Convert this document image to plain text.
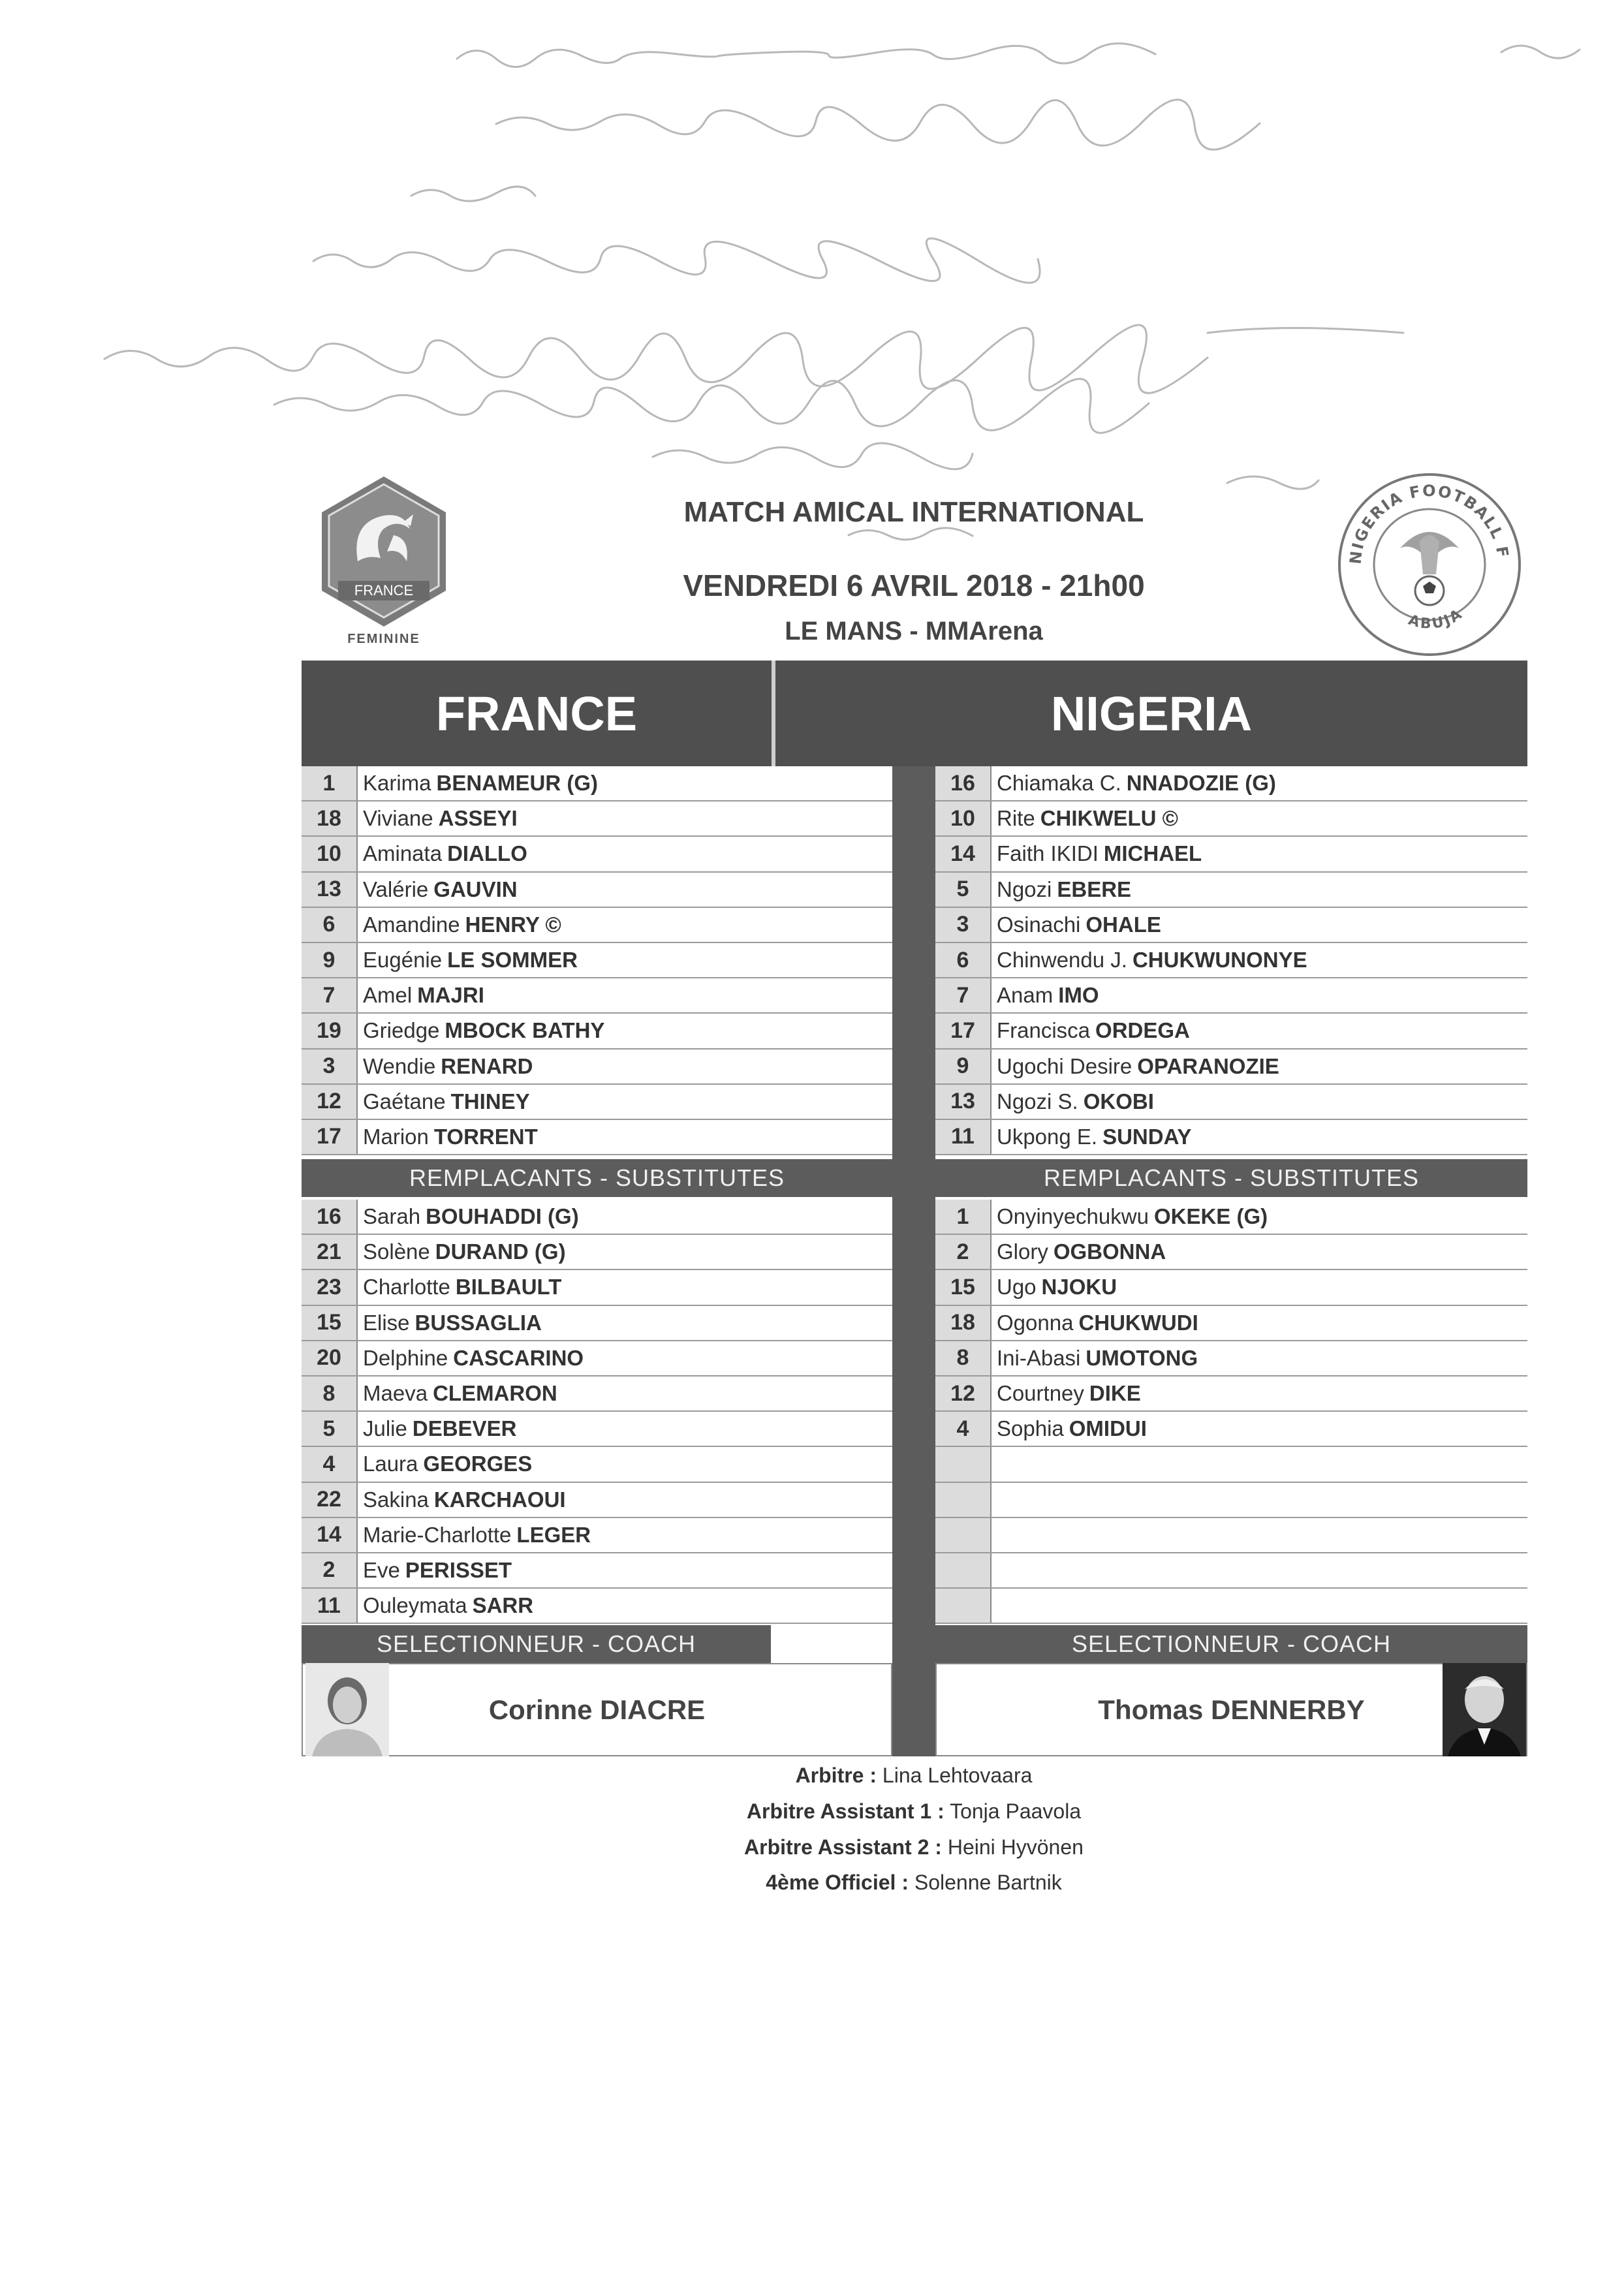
FRANCE
FEMININE
NIGERIA FOOTBALL F
ABUJA
MATCH AMICAL INTERNATIONAL
VENDREDI 6 AVRIL 2018 - 21h00
LE MANS - MMArena
FRANCE	NIGERIA
1	Karima BENAMEUR (G)
18	Viviane ASSEYI
10	Aminata DIALLO
13	Valérie GAUVIN
6	Amandine HENRY ©
9	Eugénie LE SOMMER
7	Amel MAJRI
19	Griedge MBOCK BATHY
3	Wendie RENARD
12	Gaétane THINEY
17	Marion TORRENT
16	Chiamaka C. NNADOZIE (G)
10	Rite CHIKWELU ©
14	Faith IKIDI MICHAEL
5	Ngozi EBERE
3	Osinachi OHALE
6	Chinwendu J. CHUKWUNONYE
7	Anam IMO
17	Francisca ORDEGA
9	Ugochi Desire OPARANOZIE
13	Ngozi S. OKOBI
11	Ukpong E. SUNDAY
REMPLACANTS - SUBSTITUTES	REMPLACANTS - SUBSTITUTES
16	Sarah BOUHADDI (G)
21	Solène DURAND (G)
23	Charlotte BILBAULT
15	Elise BUSSAGLIA
20	Delphine CASCARINO
8	Maeva CLEMARON
5	Julie DEBEVER
4	Laura GEORGES
22	Sakina KARCHAOUI
14	Marie-Charlotte LEGER
2	Eve PERISSET
11	Ouleymata SARR
1	Onyinyechukwu OKEKE (G)
2	Glory OGBONNA
15	Ugo NJOKU
18	Ogonna CHUKWUDI
8	Ini-Abasi UMOTONG
12	Courtney DIKE
4	Sophia OMIDUI
SELECTIONNEUR - COACH	SELECTIONNEUR - COACH
Corinne DIACRE	Thomas DENNERBY
Arbitre : Lina Lehtovaara
Arbitre Assistant 1 : Tonja Paavola
Arbitre Assistant 2 : Heini Hyvönen
4ème Officiel : Solenne Bartnik
